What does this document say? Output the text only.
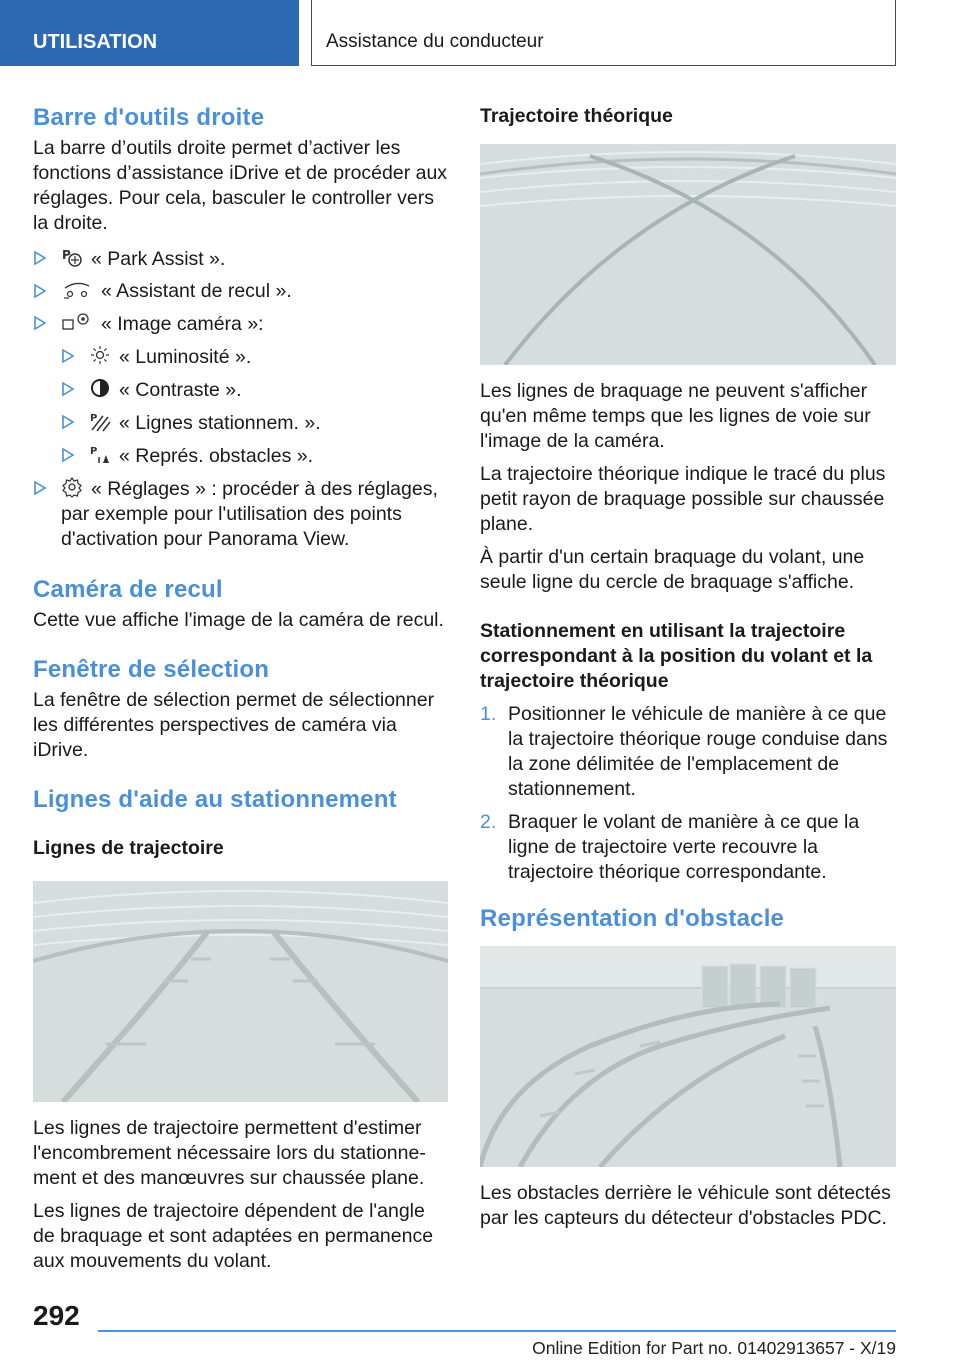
UTILISATION	Assistance du conducteur
Barre d'outils droite

La barre d’outils droite permet d’activer les fonctions d’assistance iDrive et de procéder aux réglages. Pour cela, basculer le controller vers la droite.

P « Park Assist ».
« Assistant de recul ».
« Image caméra »:
« Luminosité ».
« Contraste ».
P « Lignes stationnem. ».
P « Représ. obstacles ».
« Réglages » : procéder à des réglages, par exemple pour l'utilisation des points d'activation pour Panorama View.
Caméra de recul

Cette vue affiche l'image de la caméra de recul.

Fenêtre de sélection

La fenêtre de sélection permet de sélectionner les différentes perspectives de caméra via iDrive.

Lignes d'aide au stationnement
Lignes de trajectoire

Les lignes de trajectoire permettent d'estimer l'encombrement nécessaire lors du stationnement et des manœuvres sur chaussée plane.

Les lignes de trajectoire dépendent de l'angle de braquage et sont adaptées en permanence aux mouvements du volant.

Trajectoire théorique

Les lignes de braquage ne peuvent s'afficher qu'en même temps que les lignes de voie sur l'image de la caméra.

La trajectoire théorique indique le tracé du plus petit rayon de braquage possible sur chaussée plane.

À partir d'un certain braquage du volant, une seule ligne du cercle de braquage s'affiche.

Stationnement en utilisant la trajectoire correspondant à la position du volant et la trajectoire théorique
1. Positionner le véhicule de manière à ce que la trajectoire théorique rouge conduise dans la zone délimitée de l'emplacement de stationnement.
2. Braquer le volant de manière à ce que la ligne de trajectoire verte recouvre la trajectoire théorique correspondante.
Représentation d'obstacle

Les obstacles derrière le véhicule sont détectés par les capteurs du détecteur d'obstacles PDC.

292
Online Edition for Part no. 01402913657 - X/19
